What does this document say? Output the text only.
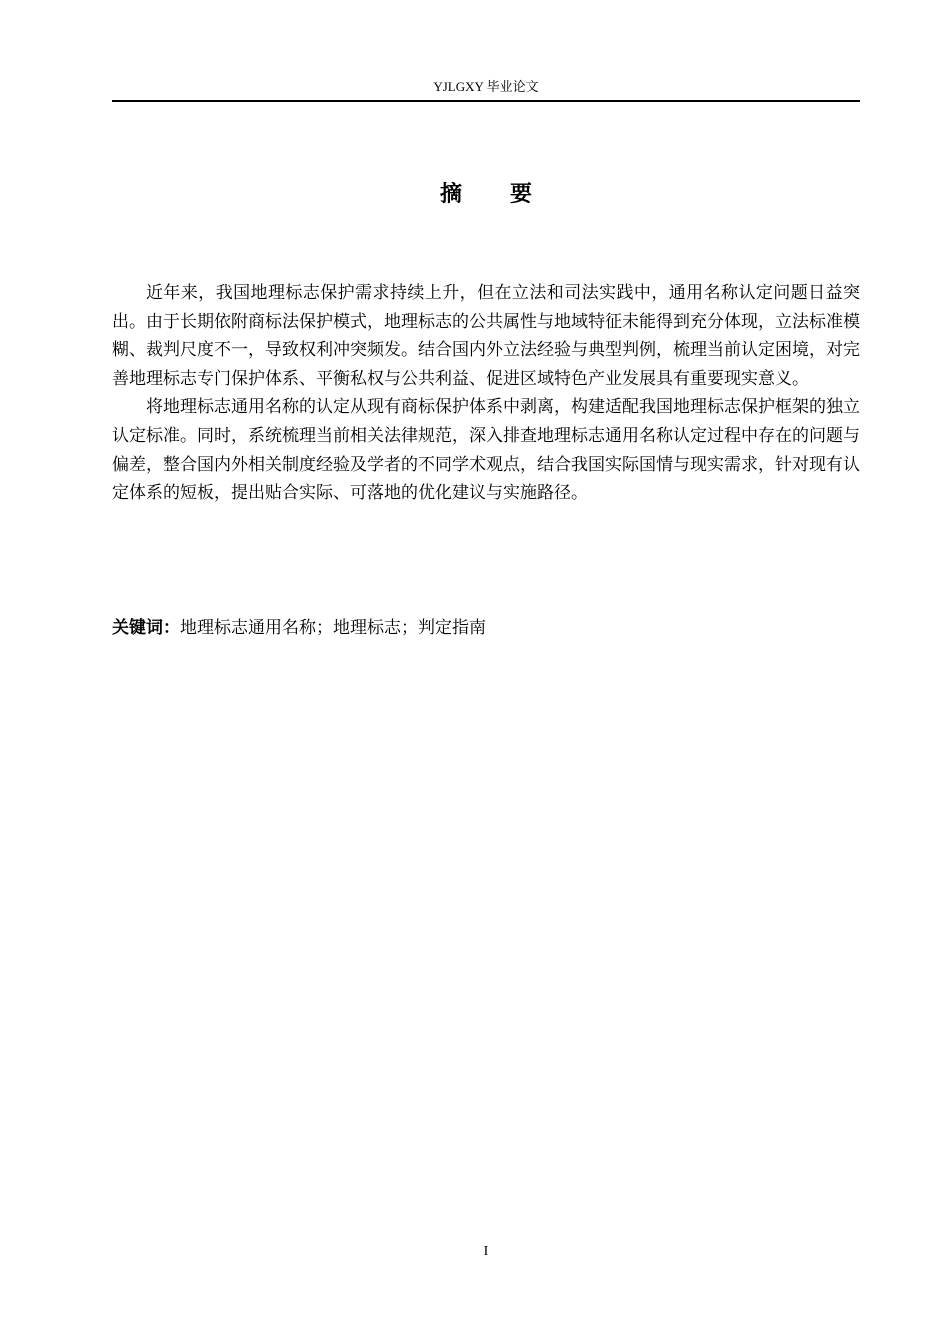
YJLGXY 毕业论文
摘要

近年来，我国地理标志保护需求持续上升，但在立法和司法实践中，通用名称认定问题日益突出。由于长期依附商标法保护模式，地理标志的公共属性与地域特征未能得到充分体现，立法标准模糊、裁判尺度不一，导致权利冲突频发。结合国内外立法经验与典型判例，梳理当前认定困境，对完善地理标志专门保护体系、平衡私权与公共利益、促进区域特色产业发展具有重要现实意义。

将地理标志通用名称的认定从现有商标保护体系中剥离，构建适配我国地理标志保护框架的独立认定标准。同时，系统梳理当前相关法律规范，深入排查地理标志通用名称认定过程中存在的问题与偏差，整合国内外相关制度经验及学者的不同学术观点，结合我国实际国情与现实需求，针对现有认定体系的短板，提出贴合实际、可落地的优化建议与实施路径。

关键词：地理标志通用名称；地理标志；判定指南
I
